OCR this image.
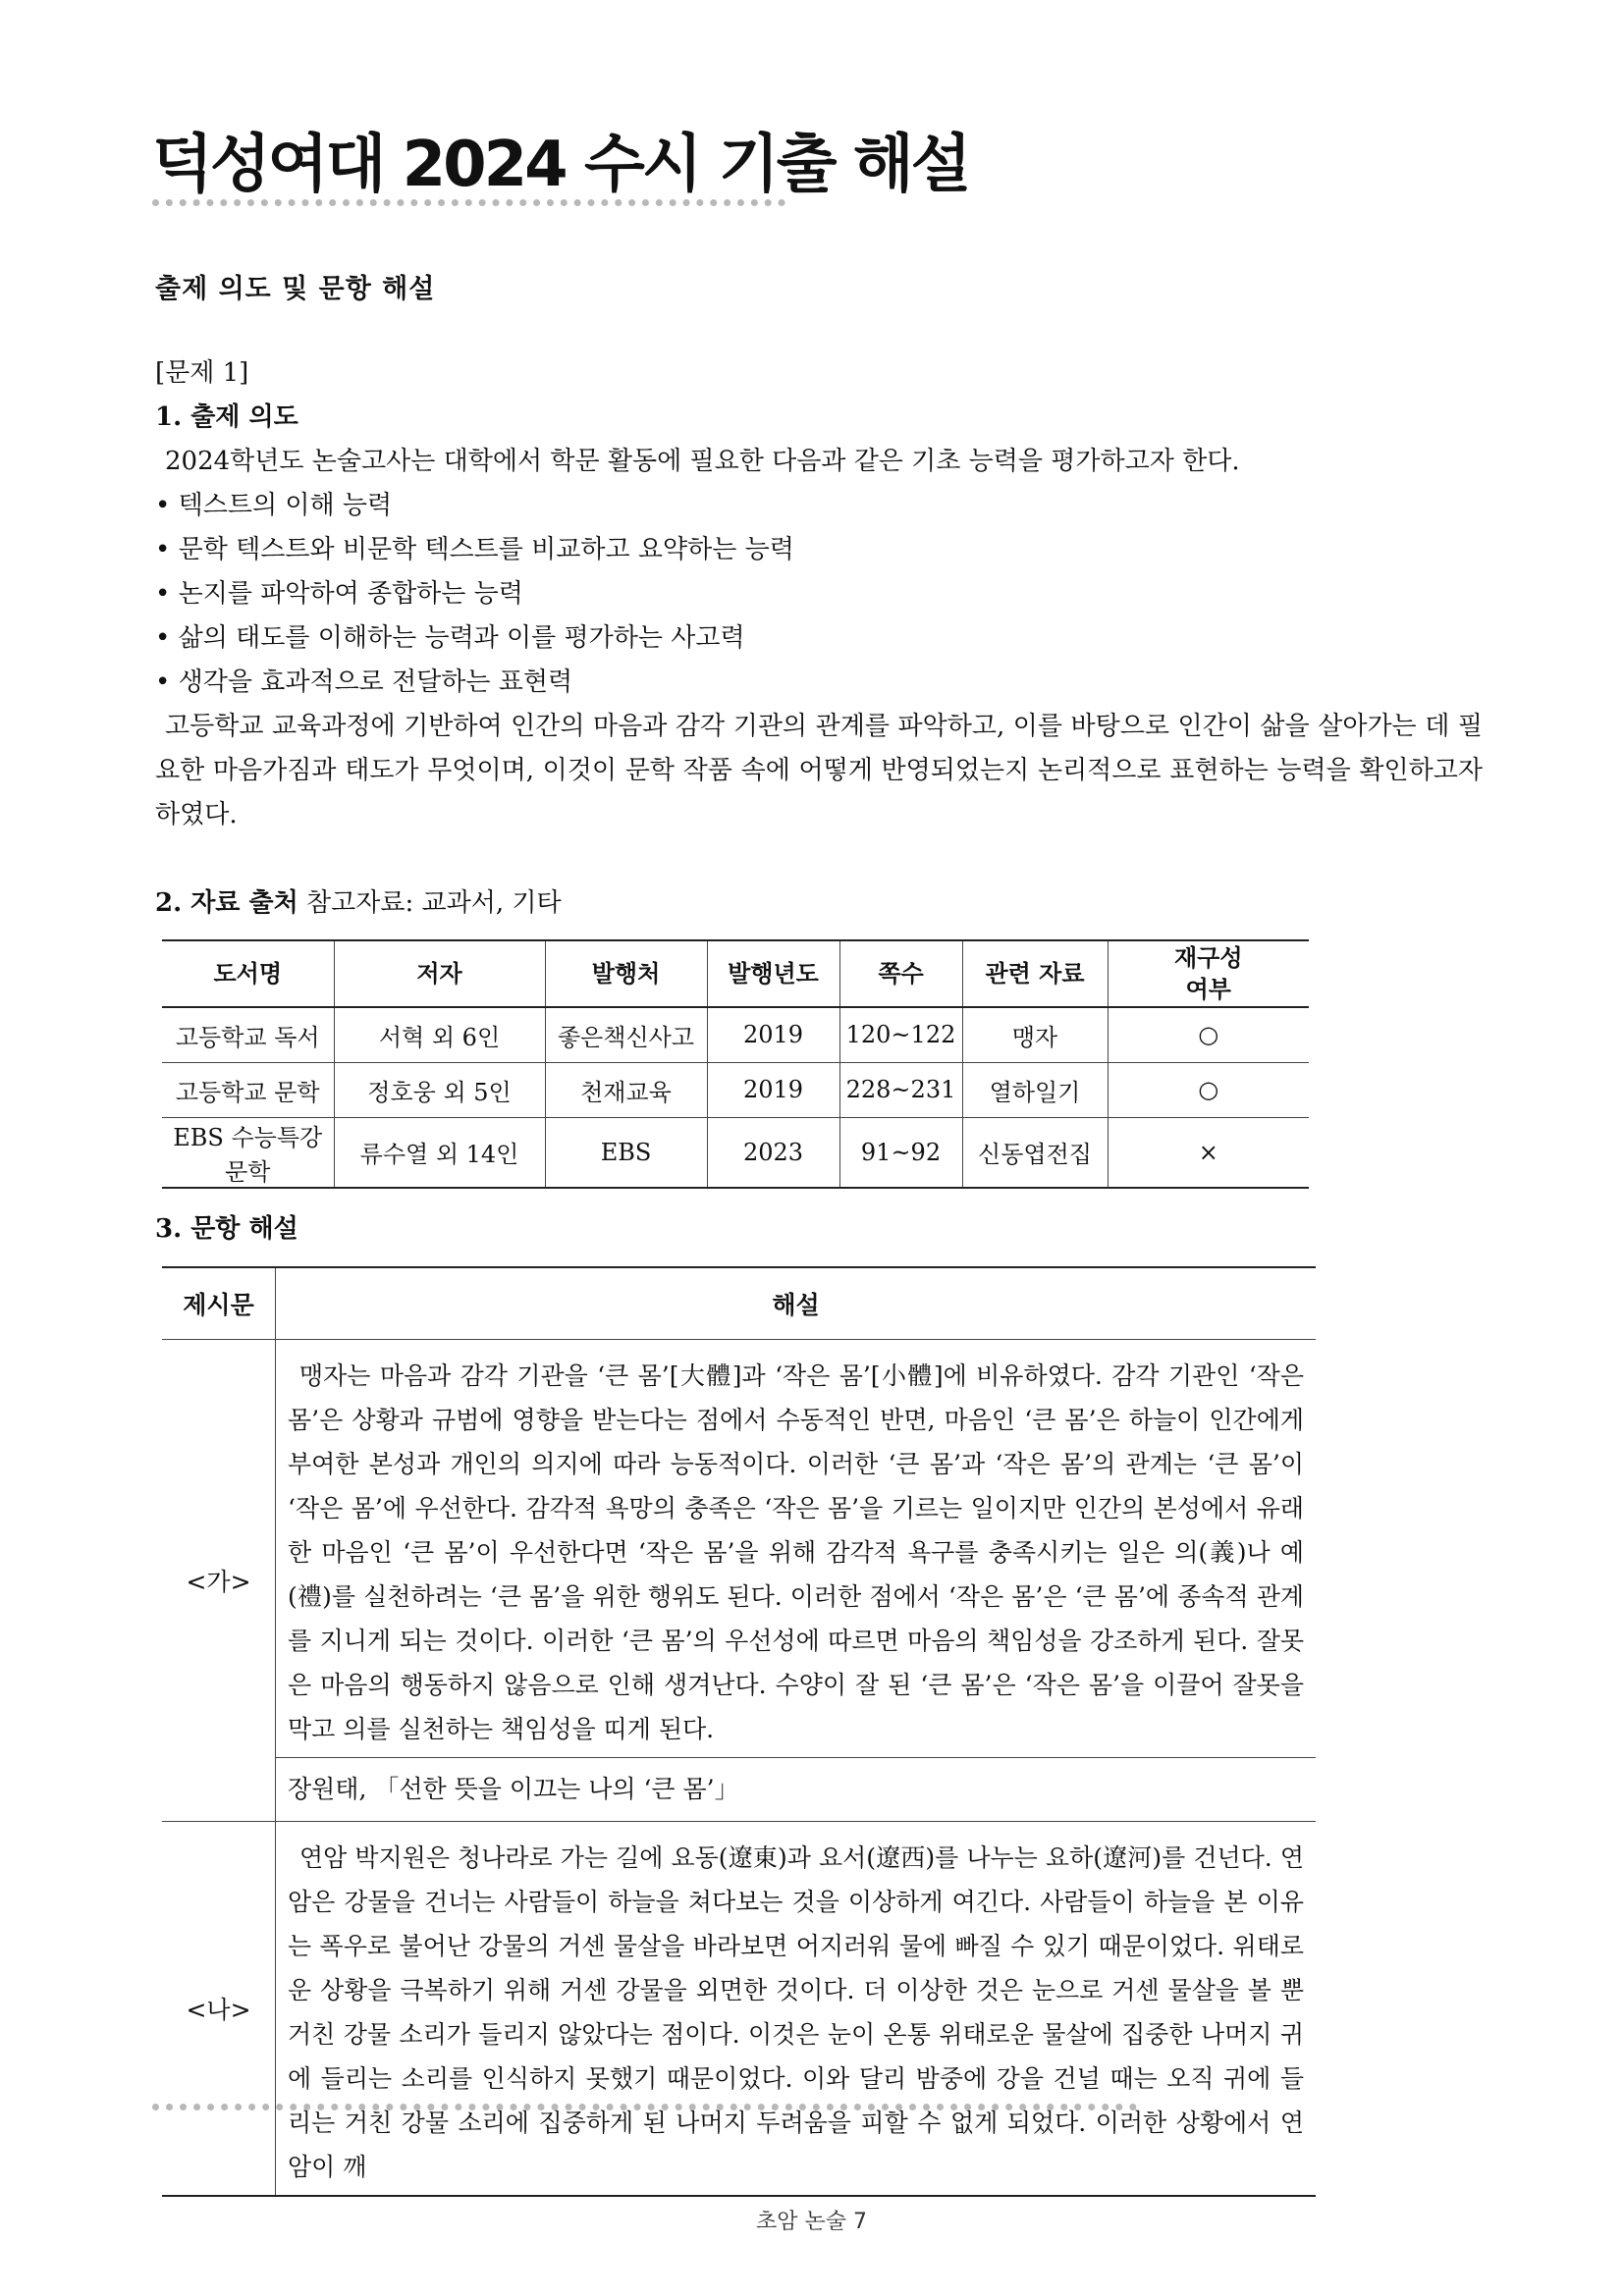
덕성여대 2024 수시 기출 해설
출제 의도 및 문항 해설

[문제 1]

1. 출제 의도

2024학년도 논술고사는 대학에서 학문 활동에 필요한 다음과 같은 기초 능력을 평가하고자 한다.

• 텍스트의 이해 능력
• 문학 텍스트와 비문학 텍스트를 비교하고 요약하는 능력
• 논지를 파악하여 종합하는 능력
• 삶의 태도를 이해하는 능력과 이를 평가하는 사고력
• 생각을 효과적으로 전달하는 표현력

고등학교 교육과정에 기반하여 인간의 마음과 감각 기관의 관계를 파악하고, 이를 바탕으로 인간이 삶을 살아가는 데 필요한 마음가짐과 태도가 무엇이며, 이것이 문학 작품 속에 어떻게 반영되었는지 논리적으로 표현하는 능력을 확인하고자 하였다.

2. 자료 출처 참고자료: 교과서, 기타

도서명	저자	발행처	발행년도	쪽수	관련 자료	재구성 여부
고등학교 독서	서혁 외 6인	좋은책신사고	2019	120~122	맹자	○
고등학교 문학	정호웅 외 5인	천재교육	2019	228~231	열하일기	○
EBS 수능특강 문학	류수열 외 14인	EBS	2023	91~92	신동엽전집	×

3. 문항 해설

제시문	해설
<가>	맹자는 마음과 감각 기관을 ‘큰 몸’[大體]과 ‘작은 몸’[小體]에 비유하였다. 감각 기관인 ‘작은 몸’은 상황과 규범에 영향을 받는다는 점에서 수동적인 반면, 마음인 ‘큰 몸’은 하늘이 인간에게 부여한 본성과 개인의 의지에 따라 능동적이다. 이러한 ‘큰 몸’과 ‘작은 몸’의 관계는 ‘큰 몸’이 ‘작은 몸’에 우선한다. 감각적 욕망의 충족은 ‘작은 몸’을 기르는 일이지만 인간의 본성에서 유래한 마음인 ‘큰 몸’이 우선한다면 ‘작은 몸’을 위해 감각적 욕구를 충족시키는 일은 의(義)나 예(禮)를 실천하려는 ‘큰 몸’을 위한 행위도 된다. 이러한 점에서 ‘작은 몸’은 ‘큰 몸’에 종속적 관계를 지니게 되는 것이다. 이러한 ‘큰 몸’의 우선성에 따르면 마음의 책임성을 강조하게 된다. 잘못은 마음의 행동하지 않음으로 인해 생겨난다. 수양이 잘 된 ‘큰 몸’은 ‘작은 몸’을 이끌어 잘못을 막고 의를 실천하는 책임성을 띠게 된다.
	장원태, 「선한 뜻을 이끄는 나의 ‘큰 몸’」
<나>	연암 박지원은 청나라로 가는 길에 요동(遼東)과 요서(遼西)를 나누는 요하(遼河)를 건넌다. 연암은 강물을 건너는 사람들이 하늘을 쳐다보는 것을 이상하게 여긴다. 사람들이 하늘을 본 이유는 폭우로 불어난 강물의 거센 물살을 바라보면 어지러워 물에 빠질 수 있기 때문이었다. 위태로운 상황을 극복하기 위해 거센 강물을 외면한 것이다. 더 이상한 것은 눈으로 거센 물살을 볼 뿐 거친 강물 소리가 들리지 않았다는 점이다. 이것은 눈이 온통 위태로운 물살에 집중한 나머지 귀에 들리는 소리를 인식하지 못했기 때문이었다. 이와 달리 밤중에 강을 건널 때는 오직 귀에 들리는 거친 강물 소리에 집중하게 된 나머지 두려움을 피할 수 없게 되었다. 이러한 상황에서 연암이 깨
초암 논술 7
